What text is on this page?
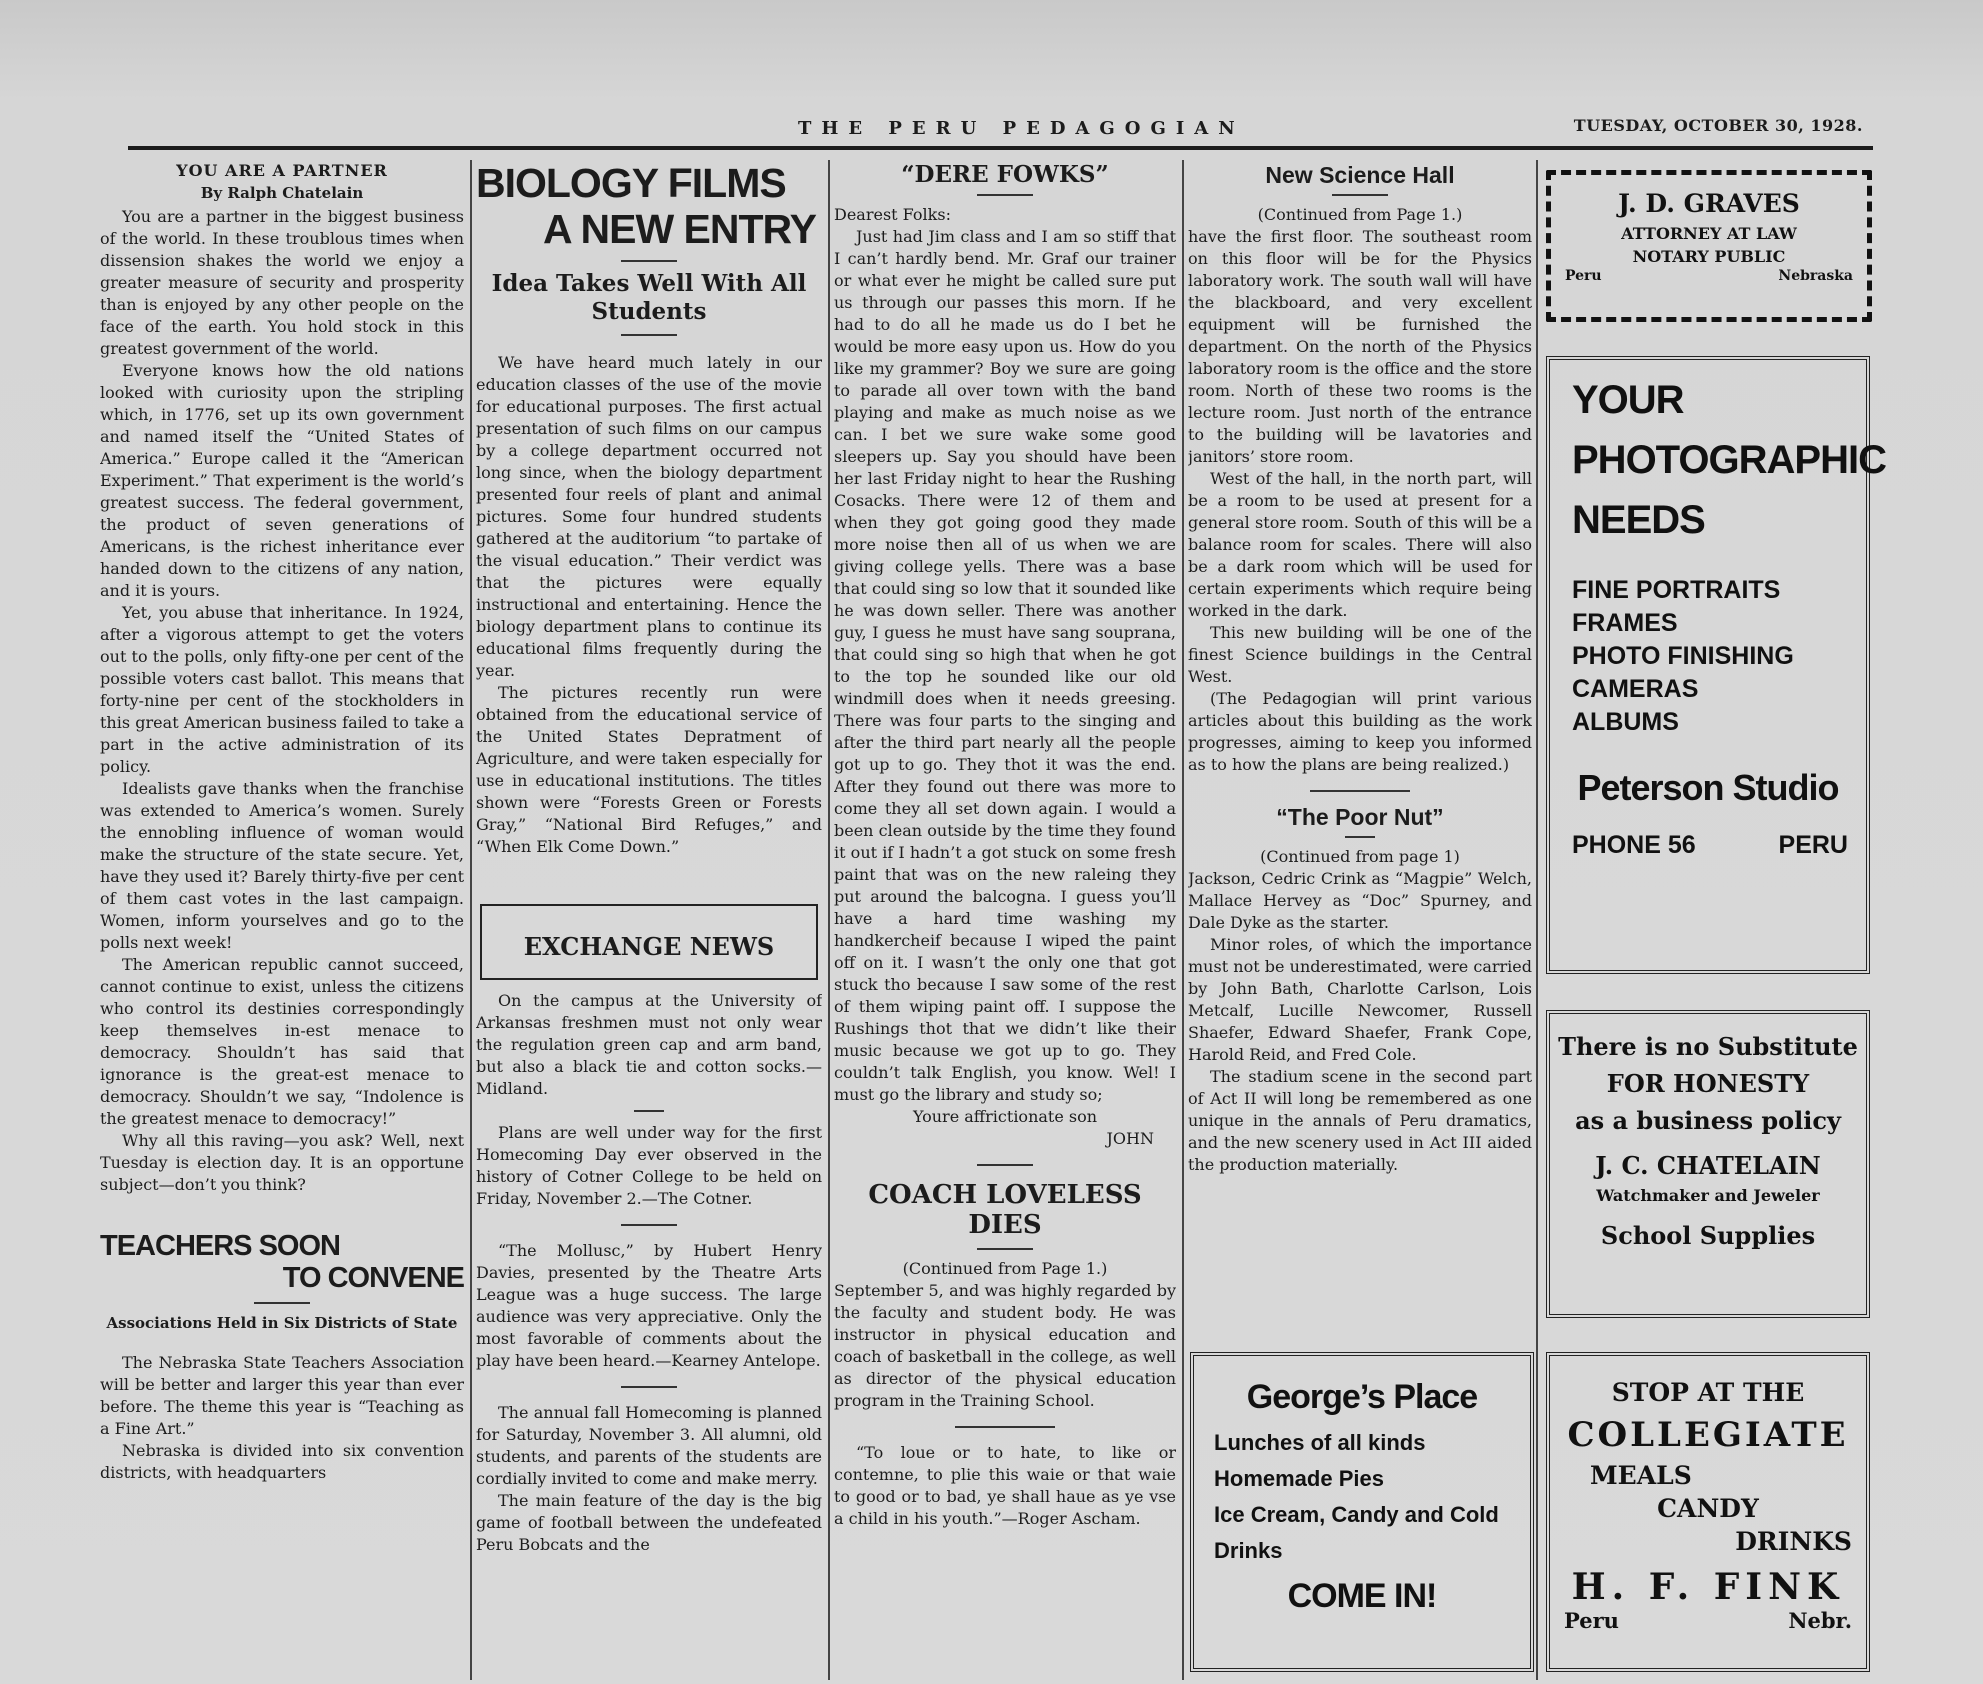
THE PERU PEDAGOGIAN	TUESDAY, OCTOBER 30, 1928.
YOU ARE A PARTNER
By Ralph Chatelain

You are a partner in the biggest business of the world. In these troublous times when dissension shakes the world we enjoy a greater measure of security and prosperity than is enjoyed by any other people on the face of the earth. You hold stock in this greatest government of the world.

Everyone knows how the old nations looked with curiosity upon the stripling which, in 1776, set up its own government and named itself the “United States of America.” Europe called it the “American Experiment.” That experiment is the world’s greatest success. The federal government, the product of seven generations of Americans, is the richest inheritance ever handed down to the citizens of any nation, and it is yours.

Yet, you abuse that inheritance. In 1924, after a vigorous attempt to get the voters out to the polls, only fifty-one per cent of the possible voters cast ballot. This means that forty-nine per cent of the stockholders in this great American business failed to take a part in the active administration of its policy.

Idealists gave thanks when the franchise was extended to America’s women. Surely the ennobling influence of woman would make the structure of the state secure. Yet, have they used it? Barely thirty-five per cent of them cast votes in the last campaign. Women, inform yourselves and go to the polls next week!

The American republic cannot succeed, cannot continue to exist, unless the citizens who control its destinies correspondingly keep themselves in-est menace to democracy. Shouldn’t has said that ignorance is the great-est menace to democracy. Shouldn’t we say, “Indolence is the greatest menace to democracy!”

Why all this raving—you ask? Well, next Tuesday is election day. It is an opportune subject—don’t you think?

TEACHERS SOON
TO CONVENE
Associations Held in Six Districts of State

The Nebraska State Teachers Association will be better and larger this year than ever before. The theme this year is “Teaching as a Fine Art.”

Nebraska is divided into six convention districts, with headquarters

BIOLOGY FILMS
A NEW ENTRY
Idea Takes Well With All Students

We have heard much lately in our education classes of the use of the movie for educational purposes. The first actual presentation of such films on our campus by a college department occurred not long since, when the biology department presented four reels of plant and animal pictures. Some four hundred students gathered at the auditorium “to partake of the visual education.” Their verdict was that the pictures were equally instructional and entertaining. Hence the biology department plans to continue its educational films frequently during the year.

The pictures recently run were obtained from the educational service of the United States Depratment of Agriculture, and were taken especially for use in educational institutions. The titles shown were “Forests Green or Forests Gray,” “National Bird Refuges,” and “When Elk Come Down.”

EXCHANGE NEWS

On the campus at the University of Arkansas freshmen must not only wear the regulation green cap and arm band, but also a black tie and cotton socks.—Midland.

Plans are well under way for the first Homecoming Day ever observed in the history of Cotner College to be held on Friday, November 2.—The Cotner.

“The Mollusc,” by Hubert Henry Davies, presented by the Theatre Arts League was a huge success. The large audience was very appreciative. Only the most favorable of comments about the play have been heard.—Kearney Antelope.

The annual fall Homecoming is planned for Saturday, November 3. All alumni, old students, and parents of the students are cordially invited to come and make merry.

The main feature of the day is the big game of football between the undefeated Peru Bobcats and the

“DERE FOWKS”

Dearest Folks:

Just had Jim class and I am so stiff that I can’t hardly bend. Mr. Graf our trainer or what ever he might be called sure put us through our passes this morn. If he had to do all he made us do I bet he would be more easy upon us. How do you like my grammer? Boy we sure are going to parade all over town with the band playing and make as much noise as we can. I bet we sure wake some good sleepers up. Say you should have been her last Friday night to hear the Rushing Cosacks. There were 12 of them and when they got going good they made more noise then all of us when we are giving college yells. There was a base that could sing so low that it sounded like he was down seller. There was another guy, I guess he must have sang souprana, that could sing so high that when he got to the top he sounded like our old windmill does when it needs greesing. There was four parts to the singing and after the third part nearly all the people got up to go. They thot it was the end. After they found out there was more to come they all set down again. I would a been clean outside by the time they found it out if I hadn’t a got stuck on some fresh paint that was on the new raleing they put around the balcogna. I guess you’ll have a hard time washing my handkercheif because I wiped the paint off on it. I wasn’t the only one that got stuck tho because I saw some of the rest of them wiping paint off. I suppose the Rushings thot that we didn’t like their music because we got up to go. They couldn’t talk English, you know. Wel! I must go the library and study so;

Youre affrictionate son
JOHN
COACH LOVELESS DIES
(Continued from Page 1.)

September 5, and was highly regarded by the faculty and student body. He was instructor in physical education and coach of basketball in the college, as well as director of the physical education program in the Training School.

“To loue or to hate, to like or contemne, to plie this waie or that waie to good or to bad, ye shall haue as ye vse a child in his youth.”—Roger Ascham.

New Science Hall
(Continued from Page 1.)

have the first floor. The southeast room on this floor will be for the Physics laboratory work. The south wall will have the blackboard, and very excellent equipment will be furnished the department. On the north of the Physics laboratory room is the office and the store room. North of these two rooms is the lecture room. Just north of the entrance to the building will be lavatories and janitors’ store room.

West of the hall, in the north part, will be a room to be used at present for a general store room. South of this will be a balance room for scales. There will also be a dark room which will be used for certain experiments which require being worked in the dark.

This new building will be one of the finest Science buildings in the Central West.

(The Pedagogian will print various articles about this building as the work progresses, aiming to keep you informed as to how the plans are being realized.)

“The Poor Nut”
(Continued from page 1)

Jackson, Cedric Crink as “Magpie” Welch, Mallace Hervey as “Doc” Spurney, and Dale Dyke as the starter.

Minor roles, of which the importance must not be underestimated, were carried by John Bath, Charlotte Carlson, Lois Metcalf, Lucille Newcomer, Russell Shaefer, Edward Shaefer, Frank Cope, Harold Reid, and Fred Cole.

The stadium scene in the second part of Act II will long be remembered as one unique in the annals of Peru dramatics, and the new scenery used in Act III aided the production materially.

George’s Place
Lunches of all kinds
Homemade Pies
Ice Cream, Candy and Cold Drinks
COME IN!
J. D. GRAVES
ATTORNEY AT LAW
NOTARY PUBLIC
Peru	Nebraska
YOUR
PHOTOGRAPHIC
NEEDS
FINE PORTRAITS
FRAMES
PHOTO FINISHING
CAMERAS
ALBUMS
Peterson Studio
PHONE 56	PERU
There is no Substitute
FOR HONESTY
as a business policy
J. C. CHATELAIN
Watchmaker and Jeweler
School Supplies
STOP AT THE
COLLEGIATE
MEALS
CANDY
DRINKS
H. F. FINK
Peru	Nebr.
